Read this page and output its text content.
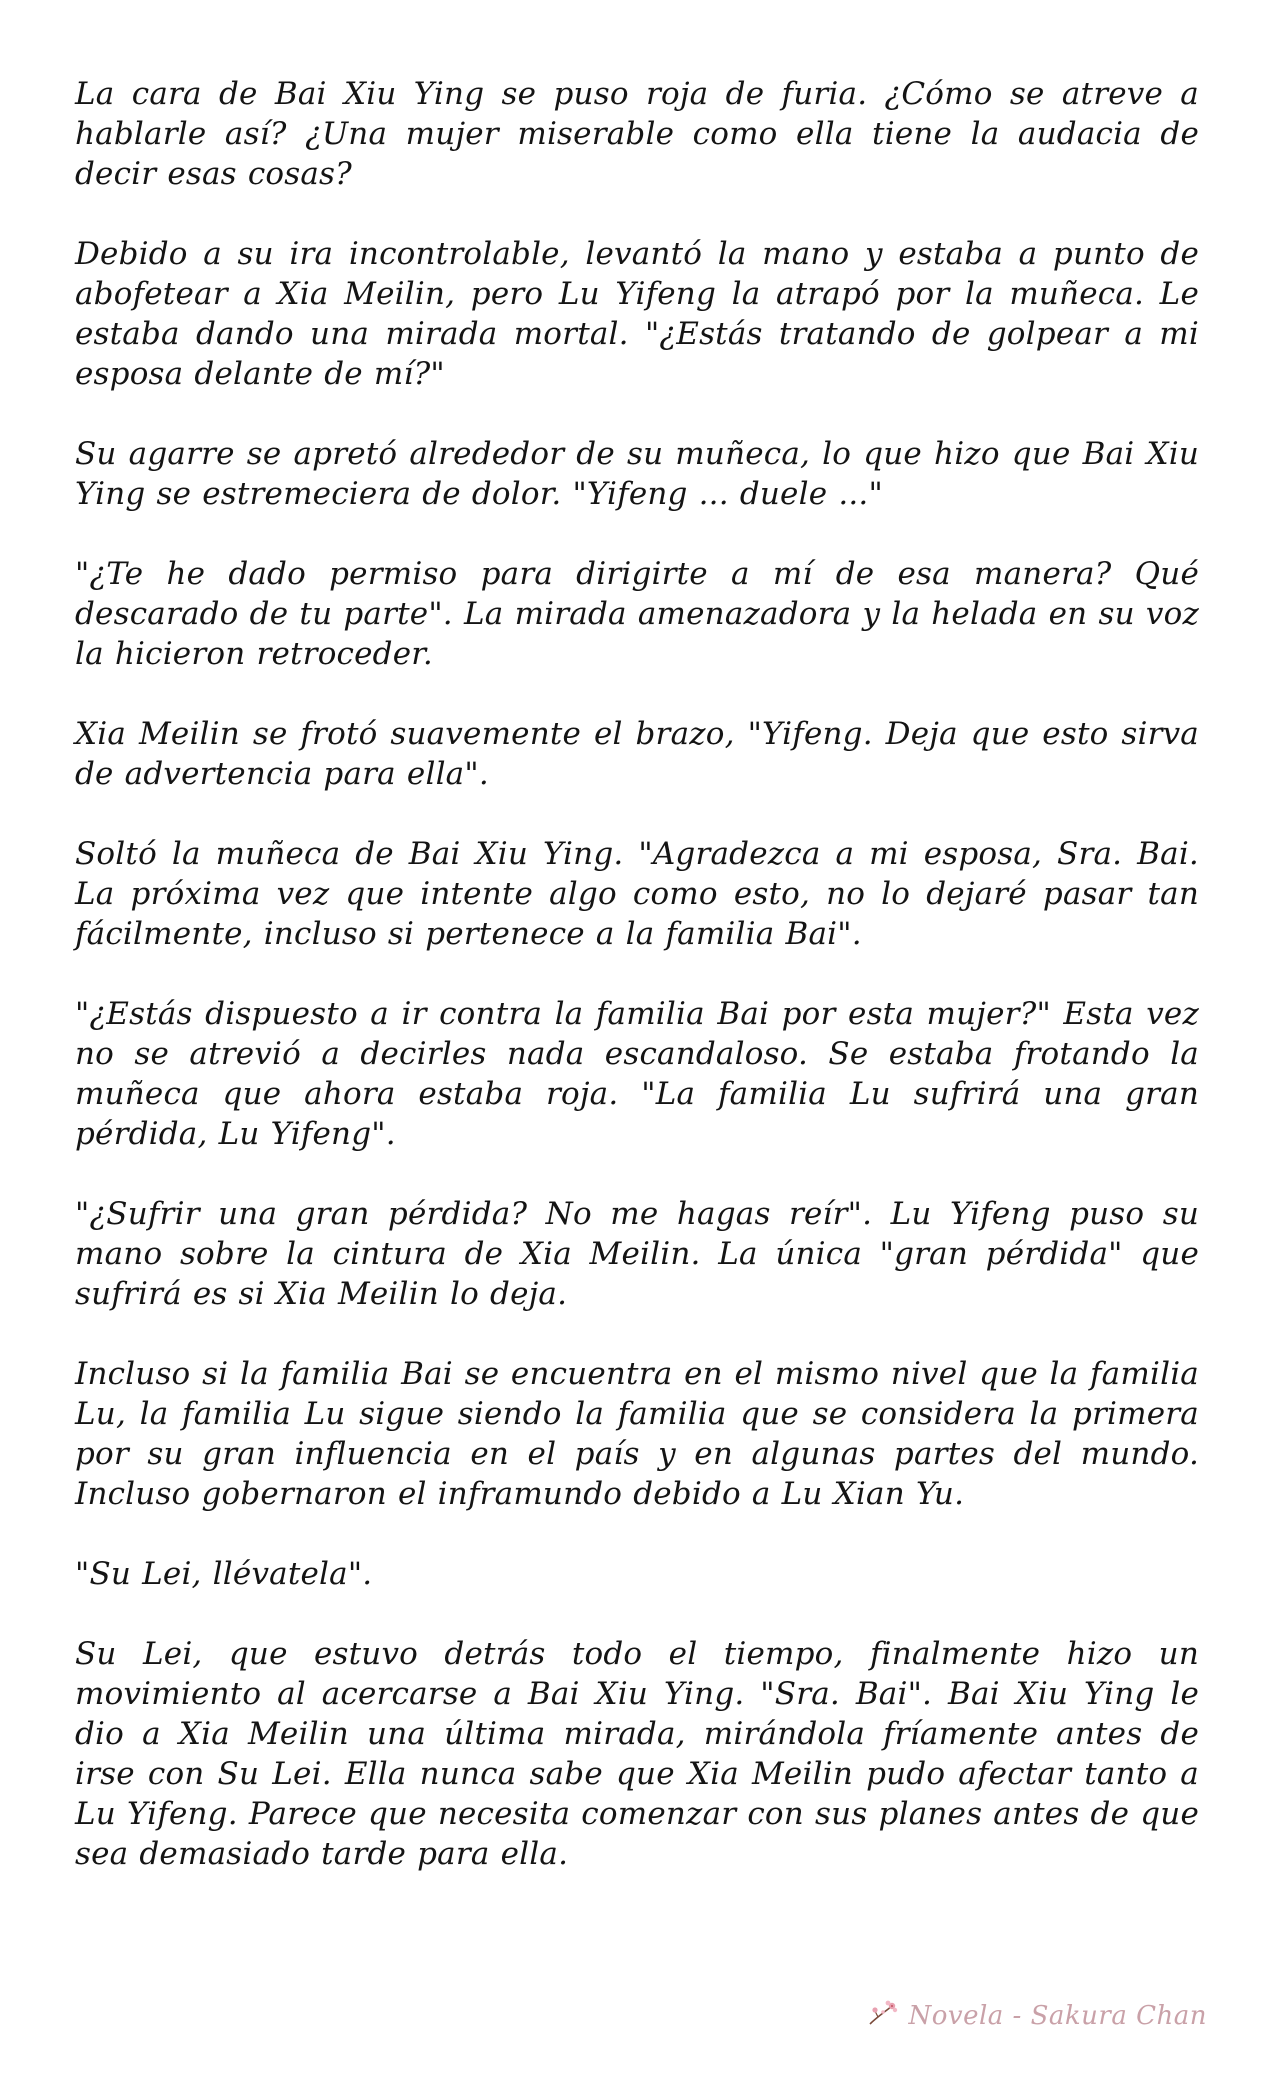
La cara de Bai Xiu Ying se puso roja de furia. ¿Cómo se atreve a hablarle así? ¿Una mujer miserable como ella tiene la audacia de decir esas cosas?

Debido a su ira incontrolable, levantó la mano y estaba a punto de abofetear a Xia Meilin, pero Lu Yifeng la atrapó por la muñeca. Le estaba dando una mirada mortal. "¿Estás tratando de golpear a mi esposa delante de mí?"

Su agarre se apretó alrededor de su muñeca, lo que hizo que Bai Xiu Ying se estremeciera de dolor. "Yifeng ... duele ..."

"¿Te he dado permiso para dirigirte a mí de esa manera? Qué descarado de tu parte". La mirada amenazadora y la helada en su voz la hicieron retroceder.

Xia Meilin se frotó suavemente el brazo, "Yifeng. Deja que esto sirva de advertencia para ella".

Soltó la muñeca de Bai Xiu Ying. "Agradezca a mi esposa, Sra. Bai. La próxima vez que intente algo como esto, no lo dejaré pasar tan fácilmente, incluso si pertenece a la familia Bai".

"¿Estás dispuesto a ir contra la familia Bai por esta mujer?" Esta vez no se atrevió a decirles nada escandaloso. Se estaba frotando la muñeca que ahora estaba roja. "La familia Lu sufrirá una gran pérdida, Lu Yifeng".

"¿Sufrir una gran pérdida? No me hagas reír". Lu Yifeng puso su mano sobre la cintura de Xia Meilin. La única "gran pérdida" que sufrirá es si Xia Meilin lo deja.

Incluso si la familia Bai se encuentra en el mismo nivel que la familia Lu, la familia Lu sigue siendo la familia que se considera la primera por su gran influencia en el país y en algunas partes del mundo. Incluso gobernaron el inframundo debido a Lu Xian Yu.

"Su Lei, llévatela".

Su Lei, que estuvo detrás todo el tiempo, finalmente hizo un movimiento al acercarse a Bai Xiu Ying. "Sra. Bai". Bai Xiu Ying le dio a Xia Meilin una última mirada, mirándola fríamente antes de irse con Su Lei. Ella nunca sabe que Xia Meilin pudo afectar tanto a Lu Yifeng. Parece que necesita comenzar con sus planes antes de que sea demasiado tarde para ella.

Novela - Sakura Chan
